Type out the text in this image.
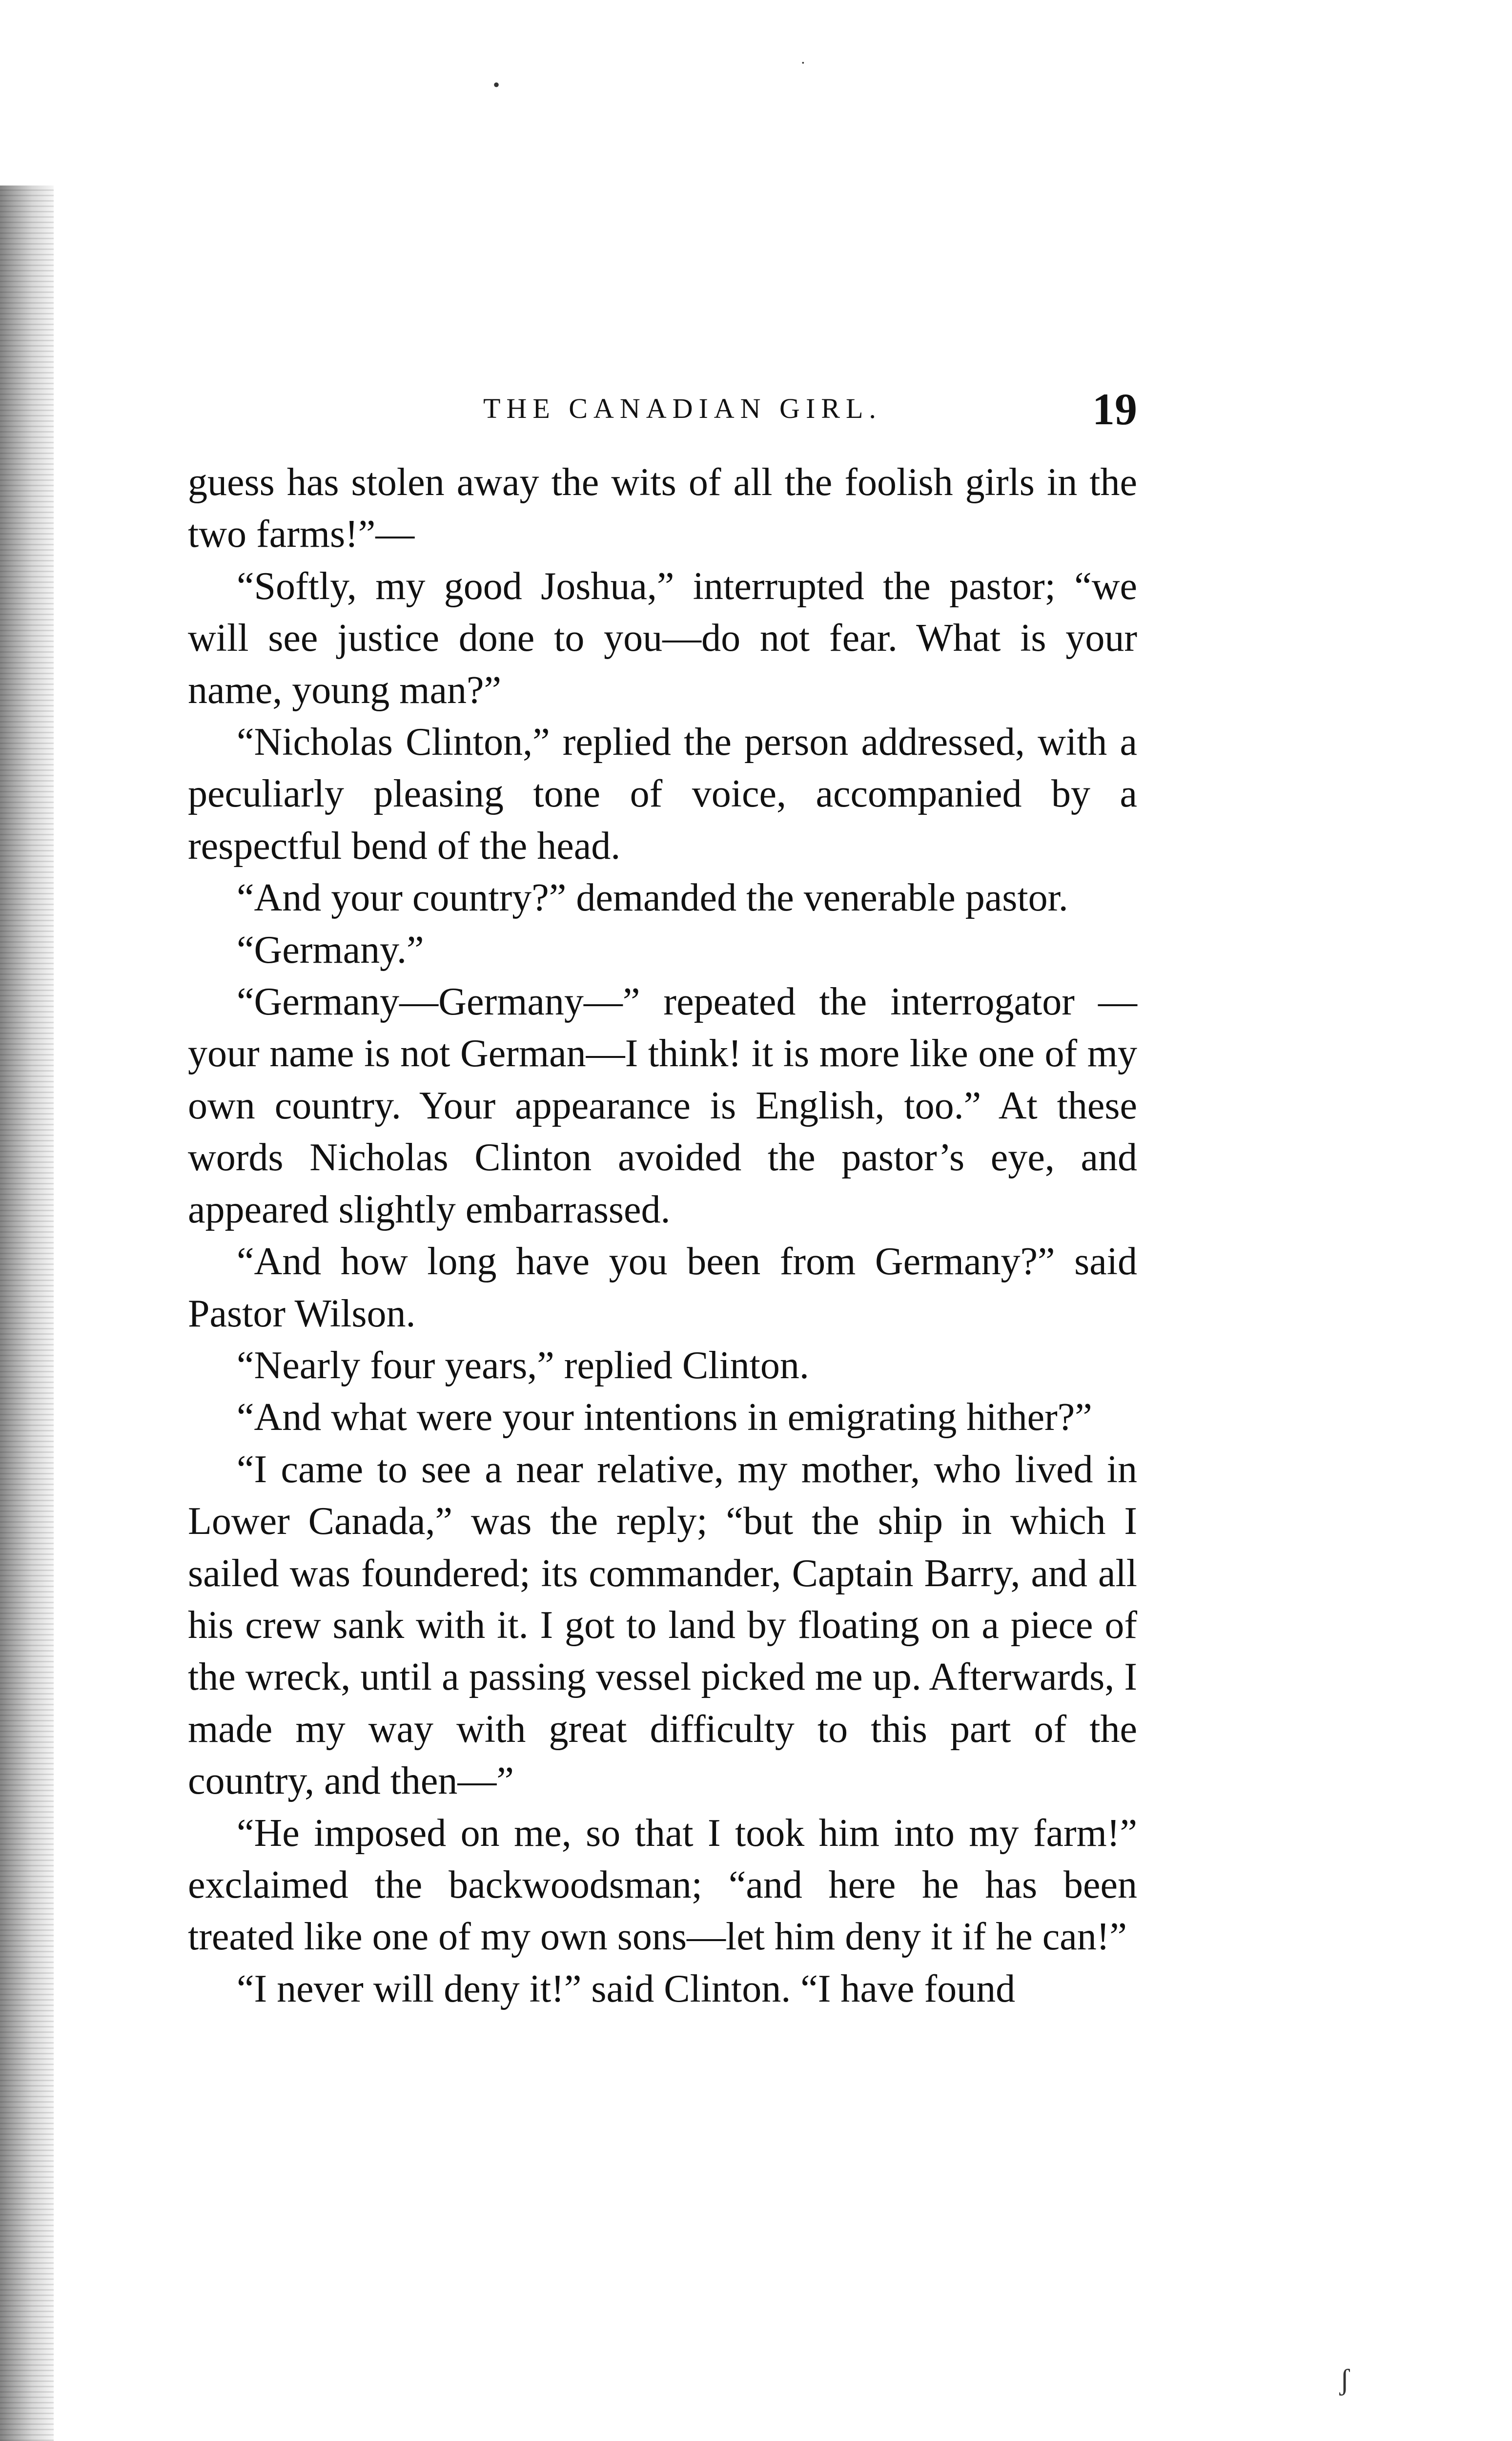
•
·
ʃ
THE CANADIAN GIRL.	19

guess has stolen away the wits of all the foolish girls in the two farms!”—

“Softly, my good Joshua,” interrupted the pastor; “we will see justice done to you—do not fear. What is your name, young man?”

“Nicholas Clinton,” replied the person addressed, with a peculiarly pleasing tone of voice, accompanied by a respectful bend of the head.

“And your country?” demanded the venerable pastor.

“Germany.”

“Germany—Germany—” repeated the interrogator —your name is not German—I think! it is more like one of my own country. Your appearance is English, too.” At these words Nicholas Clinton avoided the pastor’s eye, and appeared slightly embarrassed.

“And how long have you been from Germany?” said Pastor Wilson.

“Nearly four years,” replied Clinton.

“And what were your intentions in emigrating hither?”

“I came to see a near relative, my mother, who lived in Lower Canada,” was the reply; “but the ship in which I sailed was foundered; its commander, Captain Barry, and all his crew sank with it. I got to land by floating on a piece of the wreck, until a passing vessel picked me up. Afterwards, I made my way with great difficulty to this part of the country, and then—”

“He imposed on me, so that I took him into my farm!” exclaimed the backwoodsman; “and here he has been treated like one of my own sons—let him deny it if he can!”

“I never will deny it!” said Clinton. “I have found
